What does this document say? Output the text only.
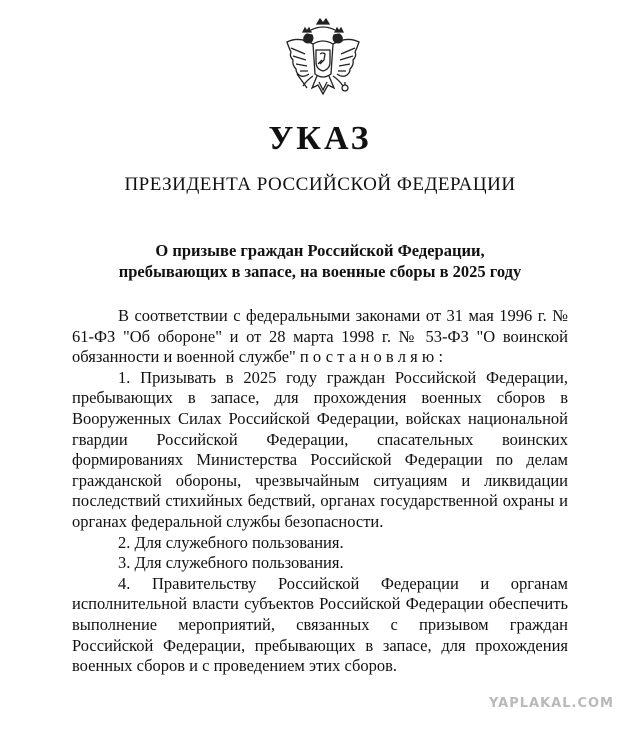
УКАЗ
ПРЕЗИДЕНТА РОССИЙСКОЙ ФЕДЕРАЦИИ
О призыве граждан Российской Федерации,
пребывающих в запасе, на военные сборы в 2025 году

В соответствии с федеральными законами от 31 мая 1996 г. № 61-ФЗ "Об обороне" и от 28 марта 1998 г. № 53-ФЗ "О воинской обязанности и военной службе" постановляю:

1. Призывать в 2025 году граждан Российской Федерации, пребывающих в запасе, для прохождения военных сборов в Вооруженных Силах Российской Федерации, войсках национальной гвардии Российской Федерации, спасательных воинских формированиях Министерства Российской Федерации по делам гражданской обороны, чрезвычайным ситуациям и ликвидации последствий стихийных бедствий, органах государственной охраны и органах федеральной службы безопасности.

2. Для служебного пользования.

3. Для служебного пользования.

4. Правительству Российской Федерации и органам исполнительной власти субъектов Российской Федерации обеспечить выполнение мероприятий, связанных с призывом граждан Российской Федерации, пребывающих в запасе, для прохождения военных сборов и с проведением этих сборов.

YAPLAKAL.COM
